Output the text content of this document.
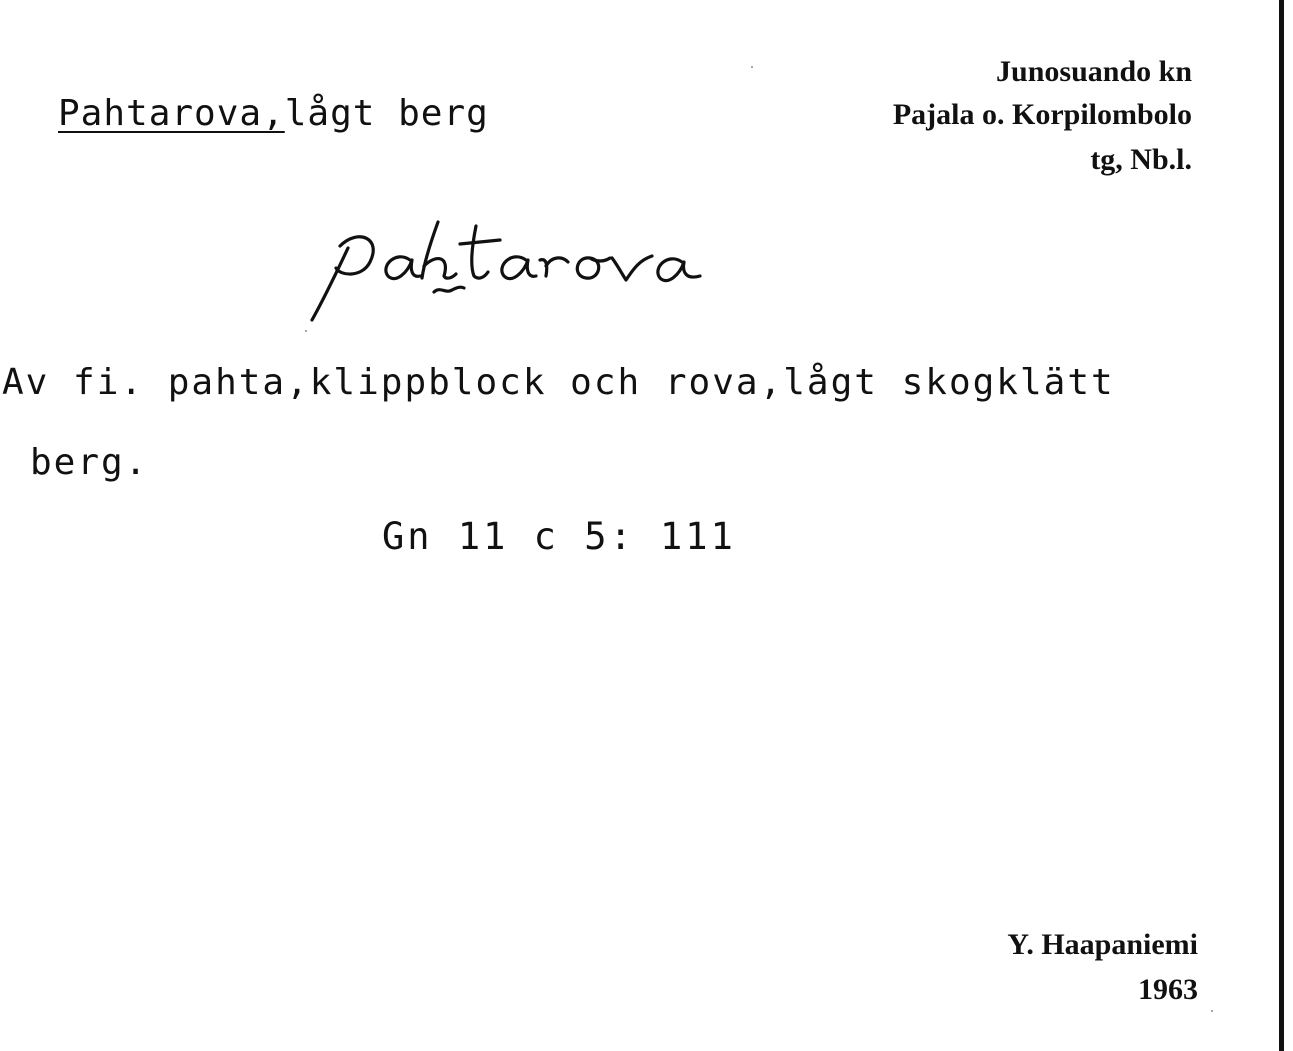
Pahtarova,lågt berg
Junosuando kn
Pajala o. Korpilombolo
tg, Nb.l.
Av fi. pahta,klippblock och rova,lågt skogklätt
berg.
Gn 11 c 5: 111
Y. Haapaniemi
1963
